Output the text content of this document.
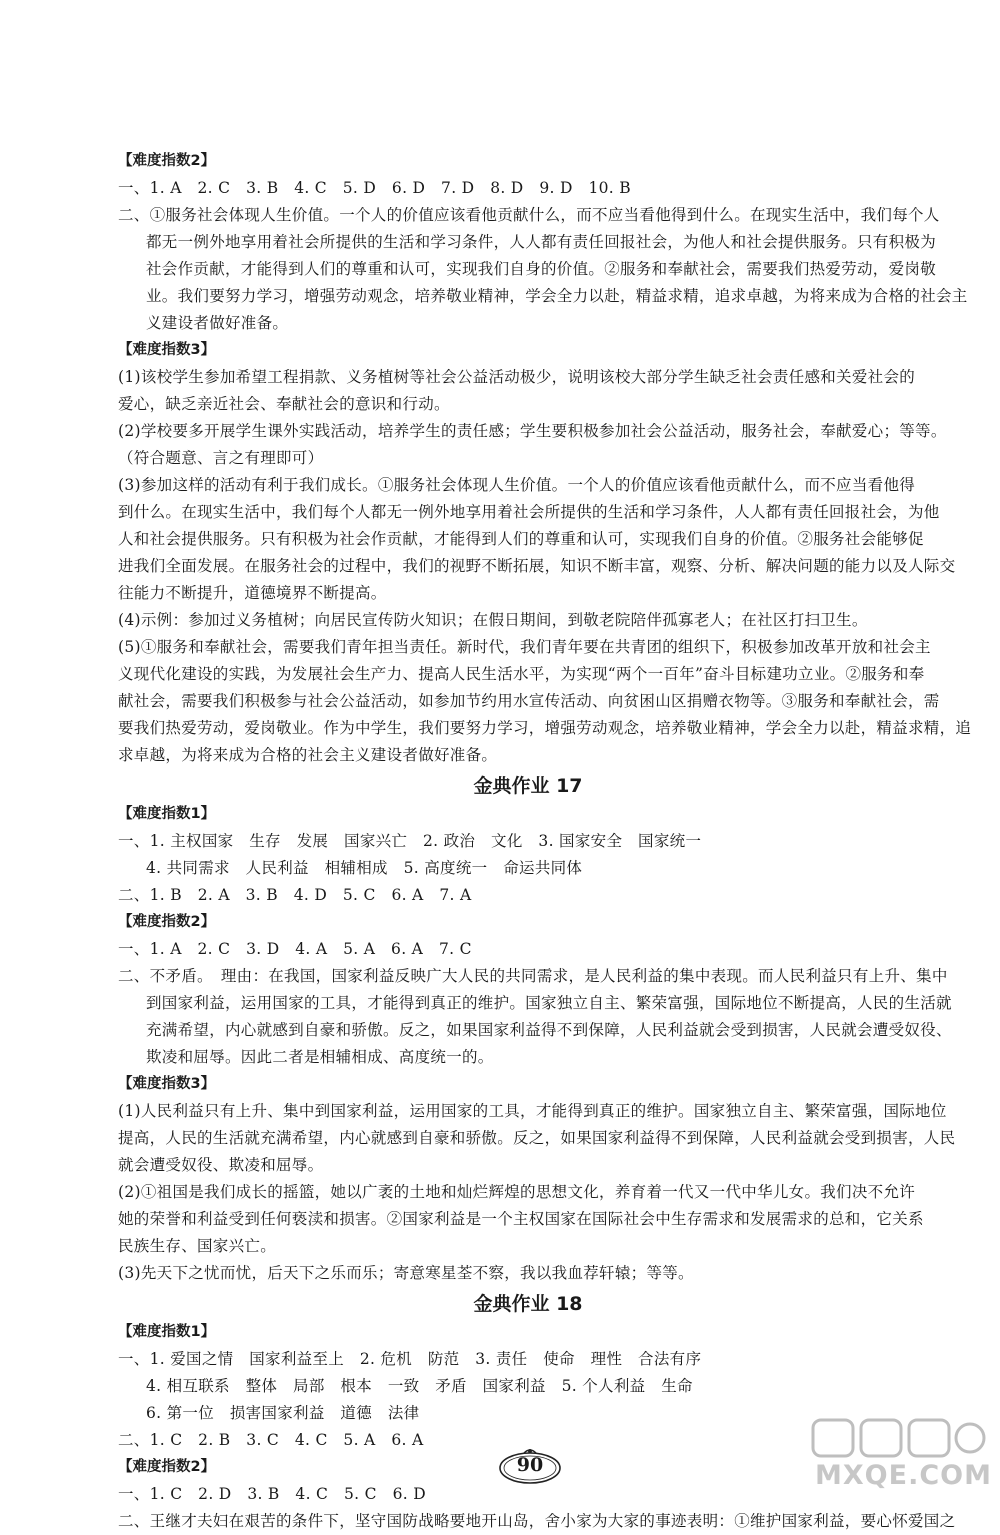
【难度指数2】
一、1. A　2. C　3. B　4. C　5. D　6. D　7. D　8. D　9. D　10. B
二、①服务社会体现人生价值。一个人的价值应该看他贡献什么，而不应当看他得到什么。在现实生活中，我们每个人
都无一例外地享用着社会所提供的生活和学习条件，人人都有责任回报社会，为他人和社会提供服务。只有积极为
社会作贡献，才能得到人们的尊重和认可，实现我们自身的价值。②服务和奉献社会，需要我们热爱劳动，爱岗敬
业。我们要努力学习，增强劳动观念，培养敬业精神，学会全力以赴，精益求精，追求卓越，为将来成为合格的社会主
义建设者做好准备。
【难度指数3】
(1)该校学生参加希望工程捐款、义务植树等社会公益活动极少，说明该校大部分学生缺乏社会责任感和关爱社会的
爱心，缺乏亲近社会、奉献社会的意识和行动。
(2)学校要多开展学生课外实践活动，培养学生的责任感；学生要积极参加社会公益活动，服务社会，奉献爱心；等等。
（符合题意、言之有理即可）
(3)参加这样的活动有利于我们成长。①服务社会体现人生价值。一个人的价值应该看他贡献什么，而不应当看他得
到什么。在现实生活中，我们每个人都无一例外地享用着社会所提供的生活和学习条件，人人都有责任回报社会，为他
人和社会提供服务。只有积极为社会作贡献，才能得到人们的尊重和认可，实现我们自身的价值。②服务社会能够促
进我们全面发展。在服务社会的过程中，我们的视野不断拓展，知识不断丰富，观察、分析、解决问题的能力以及人际交
往能力不断提升，道德境界不断提高。
(4)示例：参加过义务植树；向居民宣传防火知识；在假日期间，到敬老院陪伴孤寡老人；在社区打扫卫生。
(5)①服务和奉献社会，需要我们青年担当责任。新时代，我们青年要在共青团的组织下，积极参加改革开放和社会主
义现代化建设的实践，为发展社会生产力、提高人民生活水平，为实现“两个一百年”奋斗目标建功立业。②服务和奉
献社会，需要我们积极参与社会公益活动，如参加节约用水宣传活动、向贫困山区捐赠衣物等。③服务和奉献社会，需
要我们热爱劳动，爱岗敬业。作为中学生，我们要努力学习，增强劳动观念，培养敬业精神，学会全力以赴，精益求精，追
求卓越，为将来成为合格的社会主义建设者做好准备。
金典作业 17
【难度指数1】
一、1. 主权国家　生存　发展　国家兴亡　2. 政治　文化　3. 国家安全　国家统一
4. 共同需求　人民利益　相辅相成　5. 高度统一　命运共同体
二、1. B　2. A　3. B　4. D　5. C　6. A　7. A
【难度指数2】
一、1. A　2. C　3. D　4. A　5. A　6. A　7. C
二、不矛盾。　理由：在我国，国家利益反映广大人民的共同需求，是人民利益的集中表现。而人民利益只有上升、集中
到国家利益，运用国家的工具，才能得到真正的维护。国家独立自主、繁荣富强，国际地位不断提高，人民的生活就
充满希望，内心就感到自豪和骄傲。反之，如果国家利益得不到保障，人民利益就会受到损害，人民就会遭受奴役、
欺凌和屈辱。因此二者是相辅相成、高度统一的。
【难度指数3】
(1)人民利益只有上升、集中到国家利益，运用国家的工具，才能得到真正的维护。国家独立自主、繁荣富强，国际地位
提高，人民的生活就充满希望，内心就感到自豪和骄傲。反之，如果国家利益得不到保障，人民利益就会受到损害，人民
就会遭受奴役、欺凌和屈辱。
(2)①祖国是我们成长的摇篮，她以广袤的土地和灿烂辉煌的思想文化，养育着一代又一代中华儿女。我们决不允许
她的荣誉和利益受到任何亵渎和损害。②国家利益是一个主权国家在国际社会中生存需求和发展需求的总和，它关系
民族生存、国家兴亡。
(3)先天下之忧而忧，后天下之乐而乐；寄意寒星荃不察，我以我血荐轩辕；等等。
金典作业 18
【难度指数1】
一、1. 爱国之情　国家利益至上　2. 危机　防范　3. 责任　使命　理性　合法有序
4. 相互联系　整体　局部　根本　一致　矛盾　国家利益　5. 个人利益　生命
6. 第一位　损害国家利益　道德　法律
二、1. C　2. B　3. C　4. C　5. A　6. A
【难度指数2】
一、1. C　2. D　3. B　4. C　5. C　6. D
二、王继才夫妇在艰苦的条件下，坚守国防战略要地开山岛，舍小家为大家的事迹表明：①维护国家利益，要心怀爱国之
90	MXQE.COM
